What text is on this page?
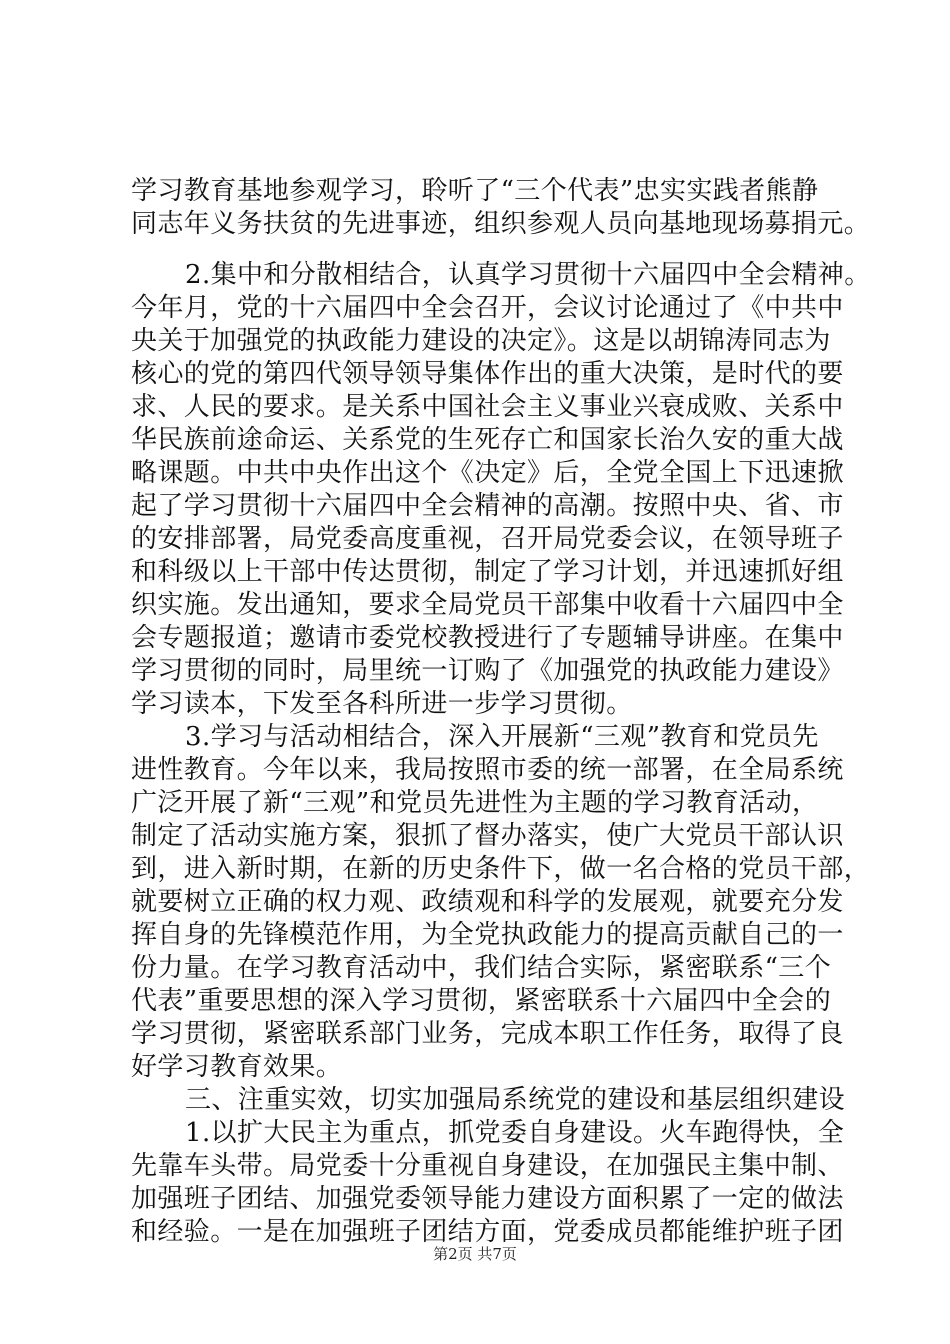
学习教育基地参观学习，聆听了“三个代表”忠实实践者熊静
同志年义务扶贫的先进事迹，组织参观人员向基地现场募捐元。
2.集中和分散相结合，认真学习贯彻十六届四中全会精神。
今年月，党的十六届四中全会召开，会议讨论通过了《中共中
央关于加强党的执政能力建设的决定》。这是以胡锦涛同志为
核心的党的第四代领导领导集体作出的重大决策，是时代的要
求、人民的要求。是关系中国社会主义事业兴衰成败、关系中
华民族前途命运、关系党的生死存亡和国家长治久安的重大战
略课题。中共中央作出这个《决定》后，全党全国上下迅速掀
起了学习贯彻十六届四中全会精神的高潮。按照中央、省、市
的安排部署，局党委高度重视，召开局党委会议，在领导班子
和科级以上干部中传达贯彻，制定了学习计划，并迅速抓好组
织实施。发出通知，要求全局党员干部集中收看十六届四中全
会专题报道；邀请市委党校教授进行了专题辅导讲座。在集中
学习贯彻的同时，局里统一订购了《加强党的执政能力建设》
学习读本，下发至各科所进一步学习贯彻。
3.学习与活动相结合，深入开展新“三观”教育和党员先
进性教育。今年以来，我局按照市委的统一部署，在全局系统
广泛开展了新“三观”和党员先进性为主题的学习教育活动，
制定了活动实施方案，狠抓了督办落实，使广大党员干部认识
到，进入新时期，在新的历史条件下，做一名合格的党员干部，
就要树立正确的权力观、政绩观和科学的发展观，就要充分发
挥自身的先锋模范作用，为全党执政能力的提高贡献自己的一
份力量。在学习教育活动中，我们结合实际，紧密联系“三个
代表”重要思想的深入学习贯彻，紧密联系十六届四中全会的
学习贯彻，紧密联系部门业务，完成本职工作任务，取得了良
好学习教育效果。
三、注重实效，切实加强局系统党的建设和基层组织建设
1.以扩大民主为重点，抓党委自身建设。火车跑得快，全
先靠车头带。局党委十分重视自身建设，在加强民主集中制、
加强班子团结、加强党委领导能力建设方面积累了一定的做法
和经验。一是在加强班子团结方面，党委成员都能维护班子团
第2页 共7页
